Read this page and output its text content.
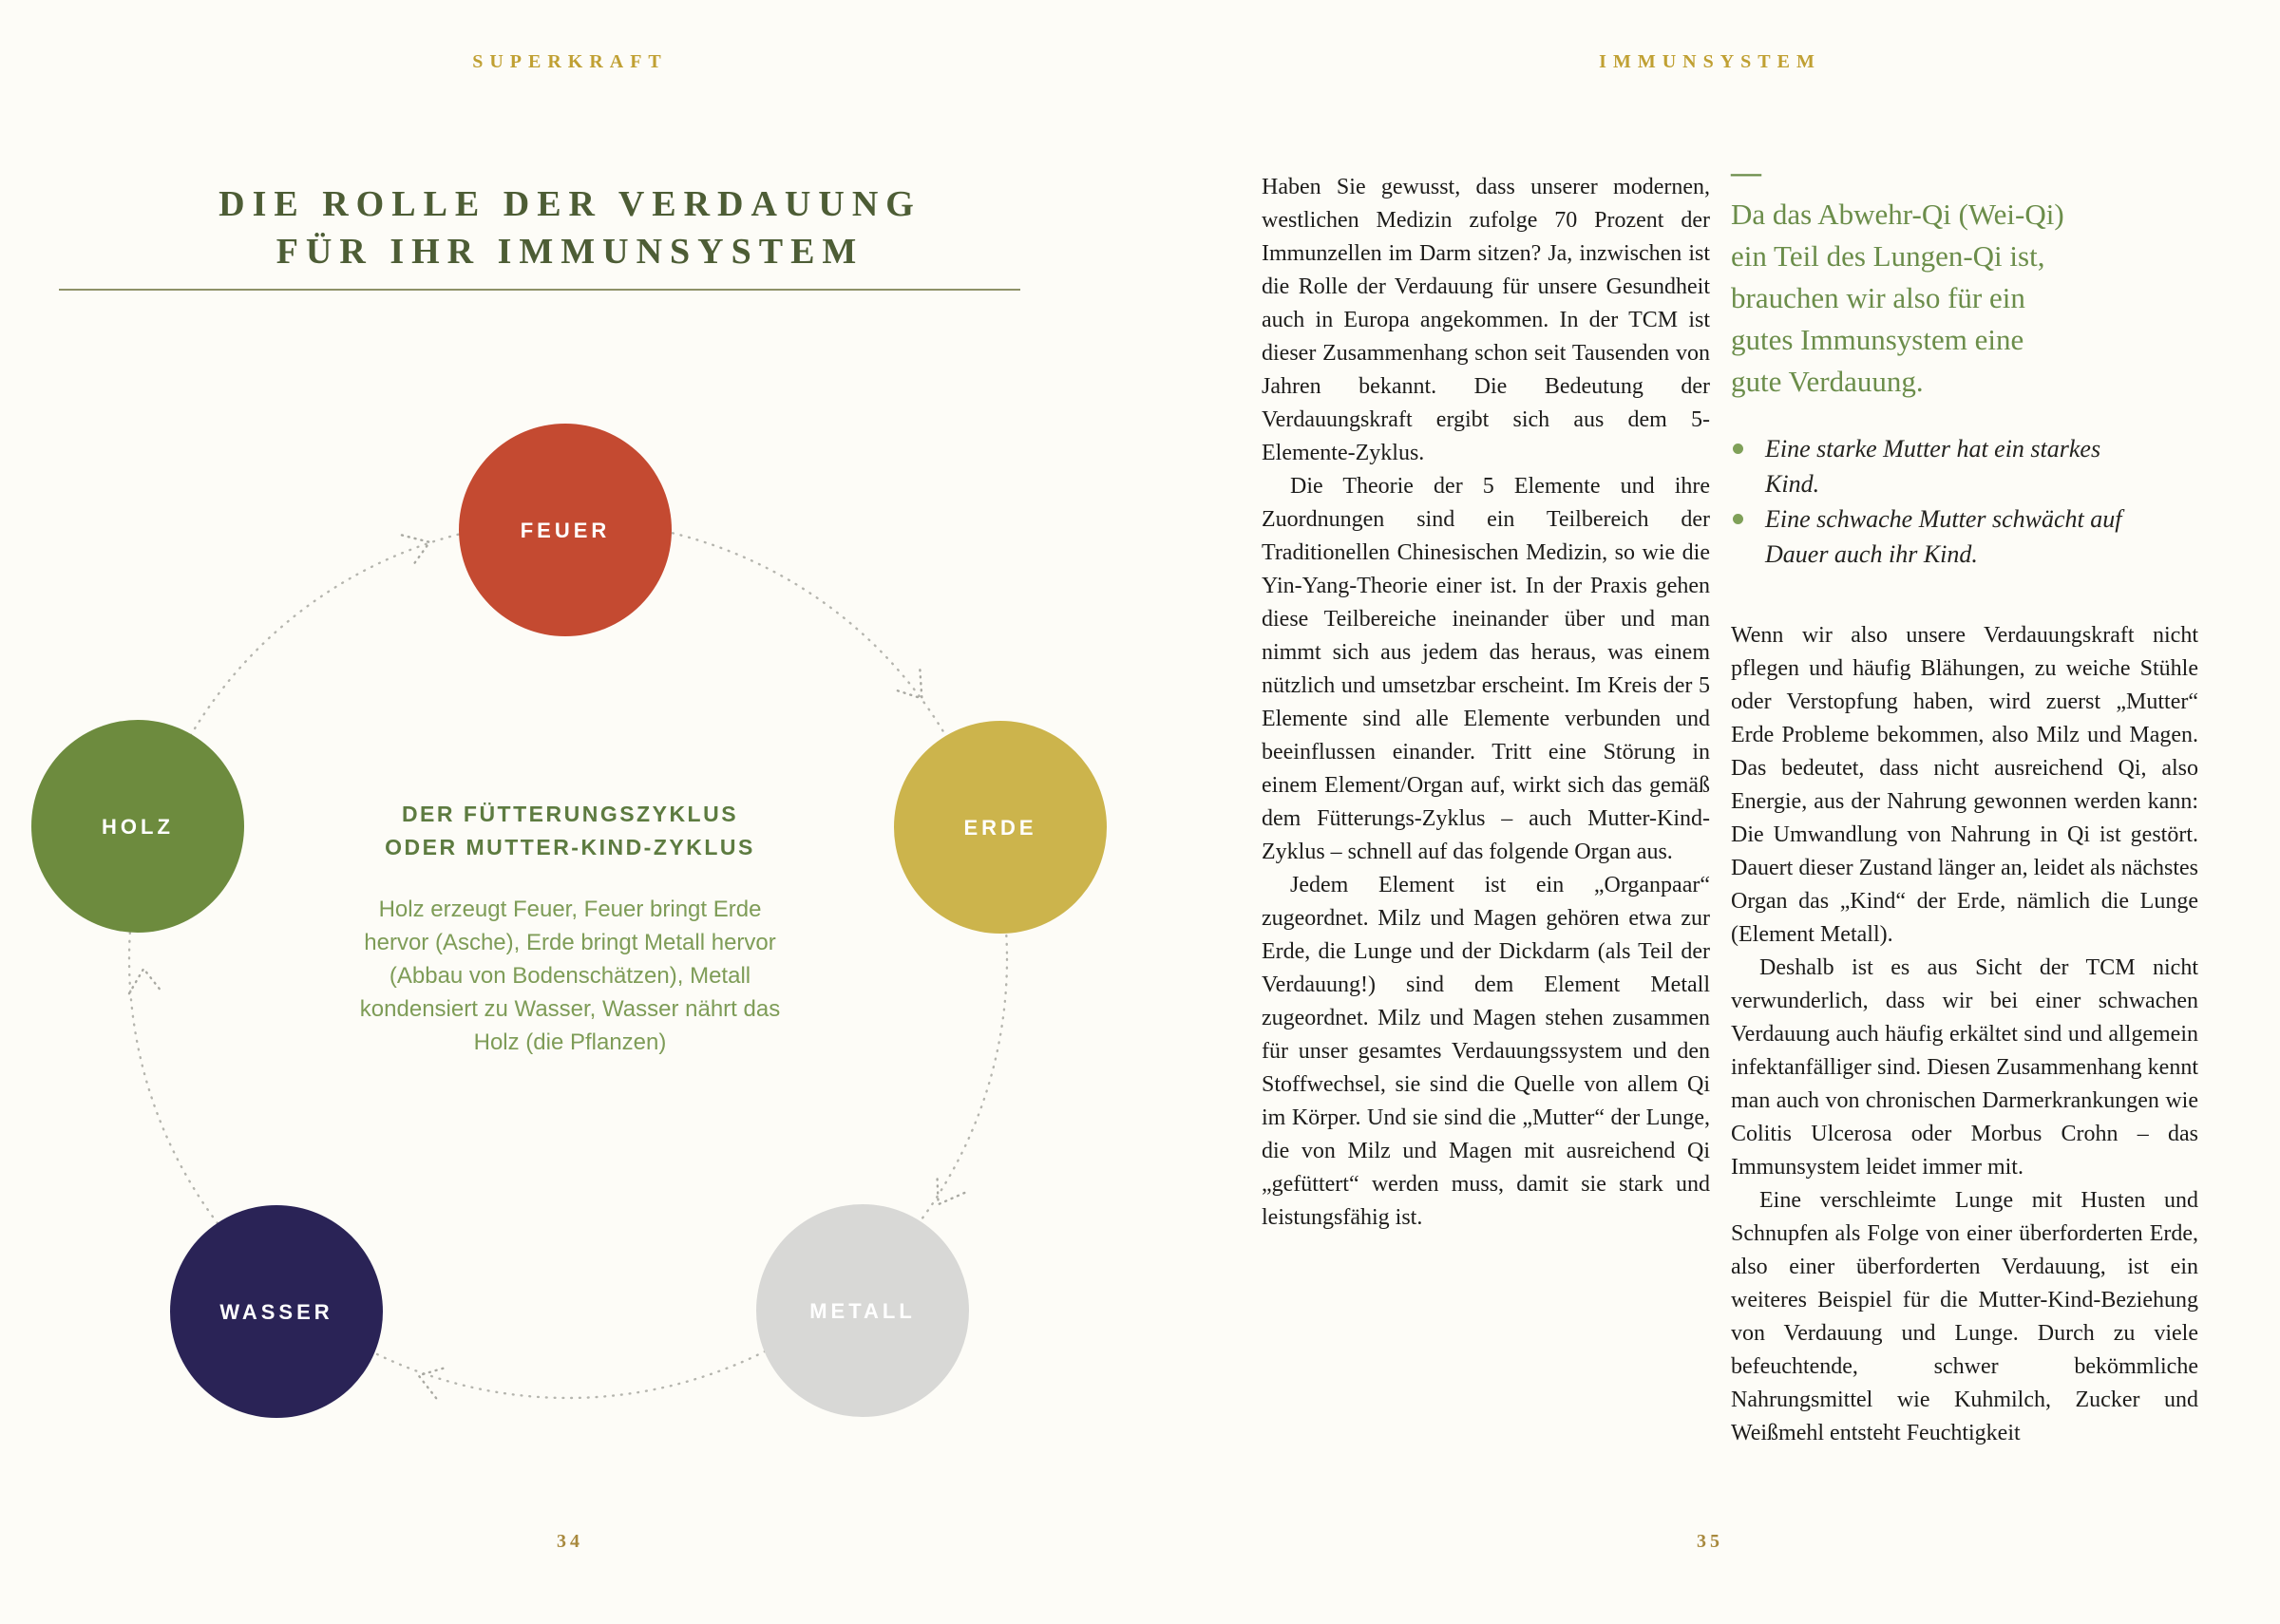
SUPERKRAFT
DIE ROLLE DER VERDAUUNG
FÜR IHR IMMUNSYSTEM
FEUER
ERDE
METALL
WASSER
HOLZ
DER FÜTTERUNGSZYKLUS
ODER MUTTER-KIND-ZYKLUS
Holz erzeugt Feuer, Feuer bringt Erde hervor (Asche), Erde bringt Metall hervor (Abbau von Bodenschätzen), Metall kondensiert zu Wasser, Wasser nährt das Holz (die Pflanzen)
34
IMMUNSYSTEM

Haben Sie gewusst, dass unserer modernen, westlichen Medizin zufolge 70 Prozent der Immunzellen im Darm sitzen? Ja, inzwischen ist die Rolle der Verdauung für unsere Gesundheit auch in Europa angekommen. In der TCM ist dieser Zusammenhang schon seit Tausenden von Jahren bekannt. Die Bedeutung der Verdauungskraft ergibt sich aus dem 5-Elemente-Zyklus.

Die Theorie der 5 Elemente und ihre Zuordnungen sind ein Teilbereich der Traditionellen Chinesischen Medizin, so wie die Yin-Yang-Theorie einer ist. In der Praxis gehen diese Teilbereiche ineinander über und man nimmt sich aus jedem das heraus, was einem nützlich und umsetzbar erscheint. Im Kreis der 5 Elemente sind alle Elemente verbunden und beeinflussen einander. Tritt eine Störung in einem Element/Organ auf, wirkt sich das gemäß dem Fütterungs-Zyklus – auch Mutter-Kind-Zyklus – schnell auf das folgende Organ aus.

Jedem Element ist ein „Organpaar“ zugeordnet. Milz und Magen gehören etwa zur Erde, die Lunge und der Dickdarm (als Teil der Verdauung!) sind dem Element Metall zugeordnet. Milz und Magen stehen zusammen für unser gesamtes Verdauungssystem und den Stoffwechsel, sie sind die Quelle von allem Qi im Körper. Und sie sind die „Mutter“ der Lunge, die von Milz und Magen mit ausreichend Qi „gefüttert“ werden muss, damit sie stark und leistungsfähig ist.

—
Da das Abwehr-Qi (Wei-Qi) ein Teil des Lungen-Qi ist, brauchen wir also für ein gutes Immunsystem eine gute Verdauung.
Eine starke Mutter hat ein starkes Kind.
Eine schwache Mutter schwächt auf Dauer auch ihr Kind.

Wenn wir also unsere Verdauungskraft nicht pflegen und häufig Blähungen, zu weiche Stühle oder Verstopfung haben, wird zuerst „Mutter“ Erde Probleme bekommen, also Milz und Magen. Das bedeutet, dass nicht ausreichend Qi, also Energie, aus der Nahrung gewonnen werden kann: Die Umwandlung von Nahrung in Qi ist gestört. Dauert dieser Zustand länger an, leidet als nächstes Organ das „Kind“ der Erde, nämlich die Lunge (Element Metall).

Deshalb ist es aus Sicht der TCM nicht verwunderlich, dass wir bei einer schwachen Verdauung auch häufig erkältet sind und allgemein infektanfälliger sind. Diesen Zusammenhang kennt man auch von chronischen Darmerkrankungen wie Colitis Ulcerosa oder Morbus Crohn – das Immunsystem leidet immer mit.

Eine verschleimte Lunge mit Husten und Schnupfen als Folge von einer überforderten Erde, also einer überforderten Verdauung, ist ein weiteres Beispiel für die Mutter-Kind-Beziehung von Verdauung und Lunge. Durch zu viele befeuchtende, schwer bekömmliche Nahrungsmittel wie Kuhmilch, Zucker und Weißmehl entsteht Feuchtigkeit

35
